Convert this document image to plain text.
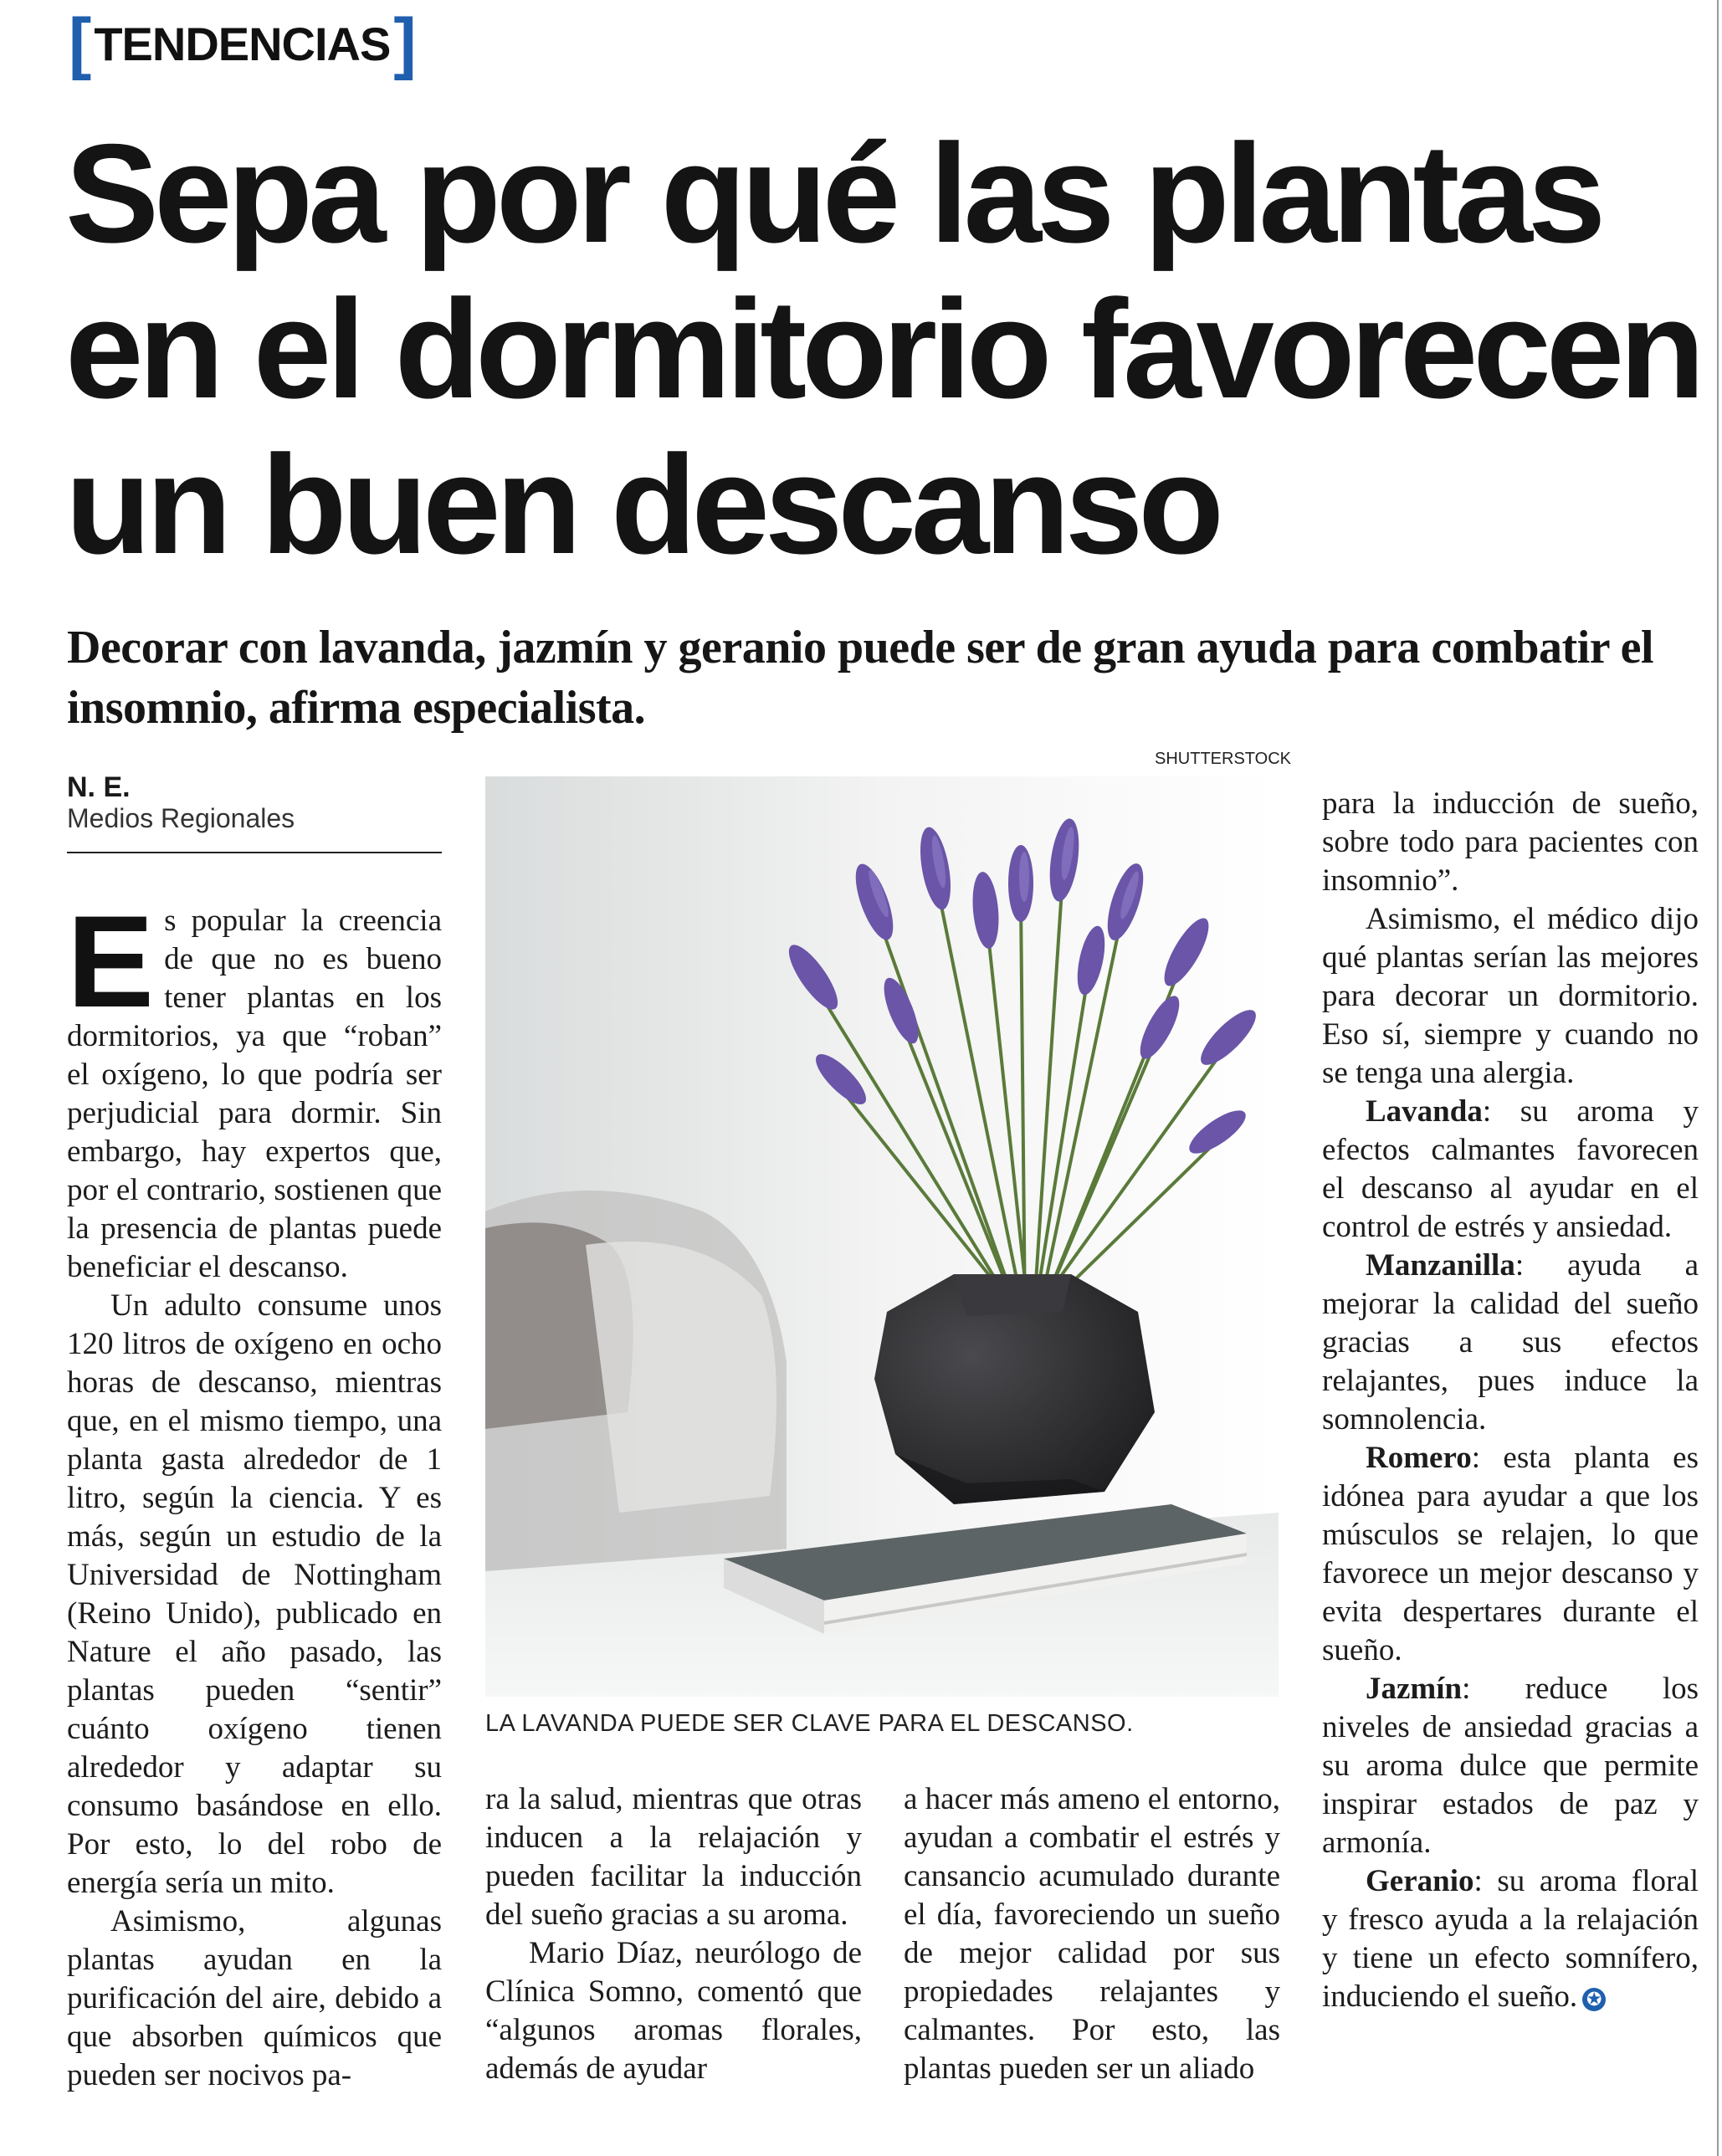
[ TENDENCIAS ]
Sepa por qué las plantas
en el dormitorio favorecen
un buen descanso
Decorar con lavanda, jazmín y geranio puede ser de gran ayuda para combatir el insomnio, afirma especialista.
N. E.
Medios Regionales
SHUTTERSTOCK
LA LAVANDA PUEDE SER CLAVE PARA EL DESCANSO.

Es popular la creencia de que no es bueno tener plantas en los dormitorios, ya que “roban” el oxígeno, lo que podría ser perjudicial para dormir. Sin embargo, hay expertos que, por el contrario, sostienen que la presencia de plantas puede beneficiar el descanso.

Un adulto consume unos 120 litros de oxígeno en ocho horas de descanso, mientras que, en el mismo tiempo, una planta gasta alrededor de 1 litro, según la ciencia. Y es más, según un estudio de la Universidad de Nottingham (Reino Unido), publicado en Nature el año pasado, las plantas pueden “sentir” cuánto oxígeno tienen alrededor y adaptar su consumo basándose en ello. Por esto, lo del robo de energía sería un mito.

Asimismo, algunas plantas ayudan en la purificación del aire, debido a que absorben químicos que pueden ser nocivos pa-

ra la salud, mientras que otras inducen a la relajación y pueden facilitar la inducción del sueño gracias a su aroma.

Mario Díaz, neurólogo de Clínica Somno, comentó que “algunos aromas florales, además de ayudar

a hacer más ameno el entorno, ayudan a combatir el estrés y cansancio acumulado durante el día, favoreciendo un sueño de mejor calidad por sus propiedades relajantes y calmantes. Por esto, las plantas pueden ser un aliado

para la inducción de sueño, sobre todo para pacientes con insomnio”.

Asimismo, el médico dijo qué plantas serían las mejores para decorar un dormitorio. Eso sí, siempre y cuando no se tenga una alergia.

Lavanda: su aroma y efectos calmantes favorecen el descanso al ayudar en el control de estrés y ansiedad.

Manzanilla: ayuda a mejorar la calidad del sueño gracias a sus efectos relajantes, pues induce la somnolencia.

Romero: esta planta es idónea para ayudar a que los músculos se relajen, lo que favorece un mejor descanso y evita despertares durante el sueño.

Jazmín: reduce los niveles de ansiedad gracias a su aroma dulce que permite inspirar estados de paz y armonía.

Geranio: su aroma floral y fresco ayuda a la relajación y tiene un efecto somnífero, induciendo el sueño. ✪
